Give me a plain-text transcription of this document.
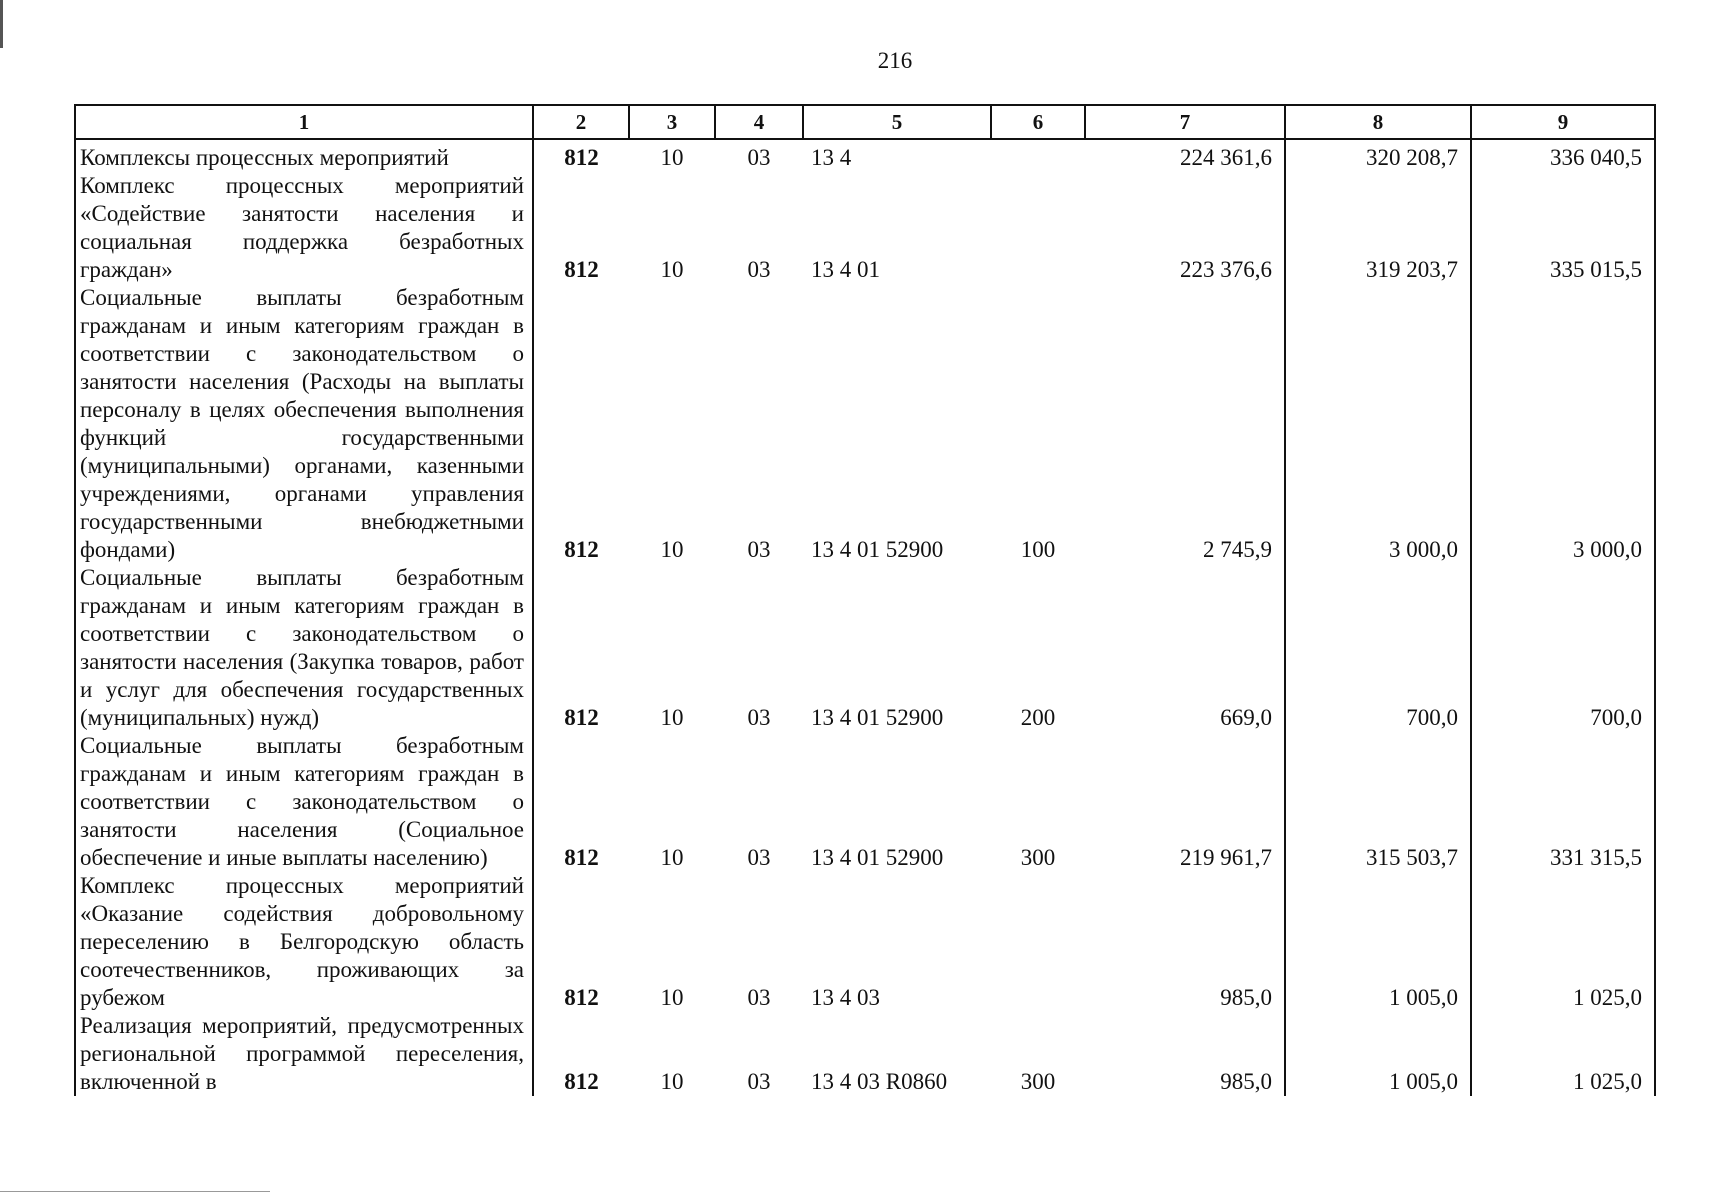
216
1	2	3	4	5	6	7	8	9
Комплексы процессных мероприятий	812	10	03	13 4		224 361,6	320 208,7	336 040,5
Комплекс процессных мероприятий «Содействие занятости населения и социальная поддержка безработных граждан»	812	10	03	13 4 01		223 376,6	319 203,7	335 015,5
Социальные выплаты безработным гражданам и иным категориям граждан в соответствии с законодательством о занятости населения (Расходы на выплаты персоналу в целях обеспечения выполнения функций государственными (муниципальными) органами, казенными учреждениями, органами управления государственными внебюджетными фондами)	812	10	03	13 4 01 52900	100	2 745,9	3 000,0	3 000,0
Социальные выплаты безработным гражданам и иным категориям граждан в соответствии с законодательством о занятости населения (Закупка товаров, работ и услуг для обеспечения государственных (муниципальных) нужд)	812	10	03	13 4 01 52900	200	669,0	700,0	700,0
Социальные выплаты безработным гражданам и иным категориям граждан в соответствии с законодательством о занятости населения (Социальное обеспечение и иные выплаты населению)	812	10	03	13 4 01 52900	300	219 961,7	315 503,7	331 315,5
Комплекс процессных мероприятий «Оказание содействия добровольному переселению в Белгородскую область соотечественников, проживающих за рубежом	812	10	03	13 4 03		985,0	1 005,0	1 025,0
Реализация мероприятий, предусмотренных региональной программой переселения, включенной в	812	10	03	13 4 03 R0860	300	985,0	1 005,0	1 025,0
